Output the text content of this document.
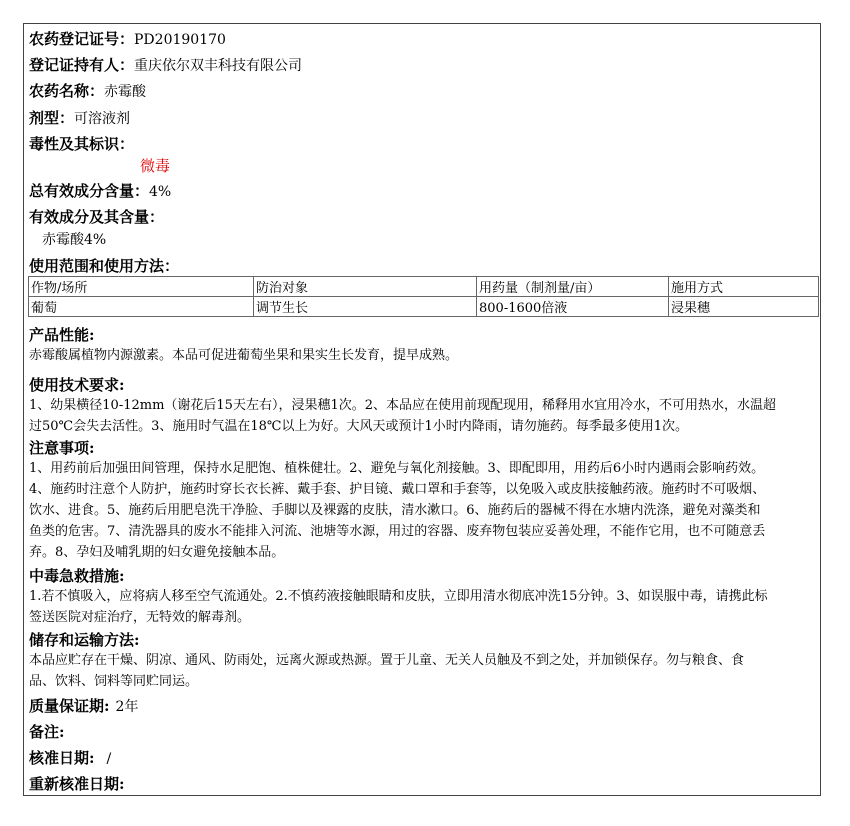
农药登记证号：PD20190170
登记证持有人：重庆依尔双丰科技有限公司
农药名称：赤霉酸
剂型：可溶液剂
毒性及其标识：
微毒
总有效成分含量：4%
有效成分及其含量：
赤霉酸4%
使用范围和使用方法：
作物/场所	防治对象	用药量（制剂量/亩）	施用方式
葡萄	调节生长	800-1600倍液	浸果穗
产品性能:
赤霉酸属植物内源激素。本品可促进葡萄坐果和果实生长发育，提早成熟。
使用技术要求:
1、幼果横径10-12mm（谢花后15天左右），浸果穗1次。2、本品应在使用前现配现用，稀释用水宜用冷水，不可用热水，水温超
过50℃会失去活性。3、施用时气温在18℃以上为好。大风天或预计1小时内降雨，请勿施药。每季最多使用1次。
注意事项:
1、用药前后加强田间管理，保持水足肥饱、植株健壮。2、避免与氧化剂接触。3、即配即用，用药后6小时内遇雨会影响药效。
4、施药时注意个人防护，施药时穿长衣长裤、戴手套、护目镜、戴口罩和手套等，以免吸入或皮肤接触药液。施药时不可吸烟、
饮水、进食。5、施药后用肥皂洗干净脸、手脚以及裸露的皮肤，清水漱口。6、施药后的器械不得在水塘内洗涤，避免对藻类和
鱼类的危害。7、清洗器具的废水不能排入河流、池塘等水源，用过的容器、废弃物包装应妥善处理，不能作它用，也不可随意丢
弃。8、孕妇及哺乳期的妇女避免接触本品。
中毒急救措施:
1.若不慎吸入，应将病人移至空气流通处。2.不慎药液接触眼睛和皮肤，立即用清水彻底冲洗15分钟。3、如误服中毒，请携此标
签送医院对症治疗，无特效的解毒剂。
储存和运输方法:
本品应贮存在干燥、阴凉、通风、防雨处，远离火源或热源。置于儿童、无关人员触及不到之处，并加锁保存。勿与粮食、食
品、饮料、饲料等同贮同运。
质量保证期: 2年
备注:
核准日期: /
重新核准日期:
